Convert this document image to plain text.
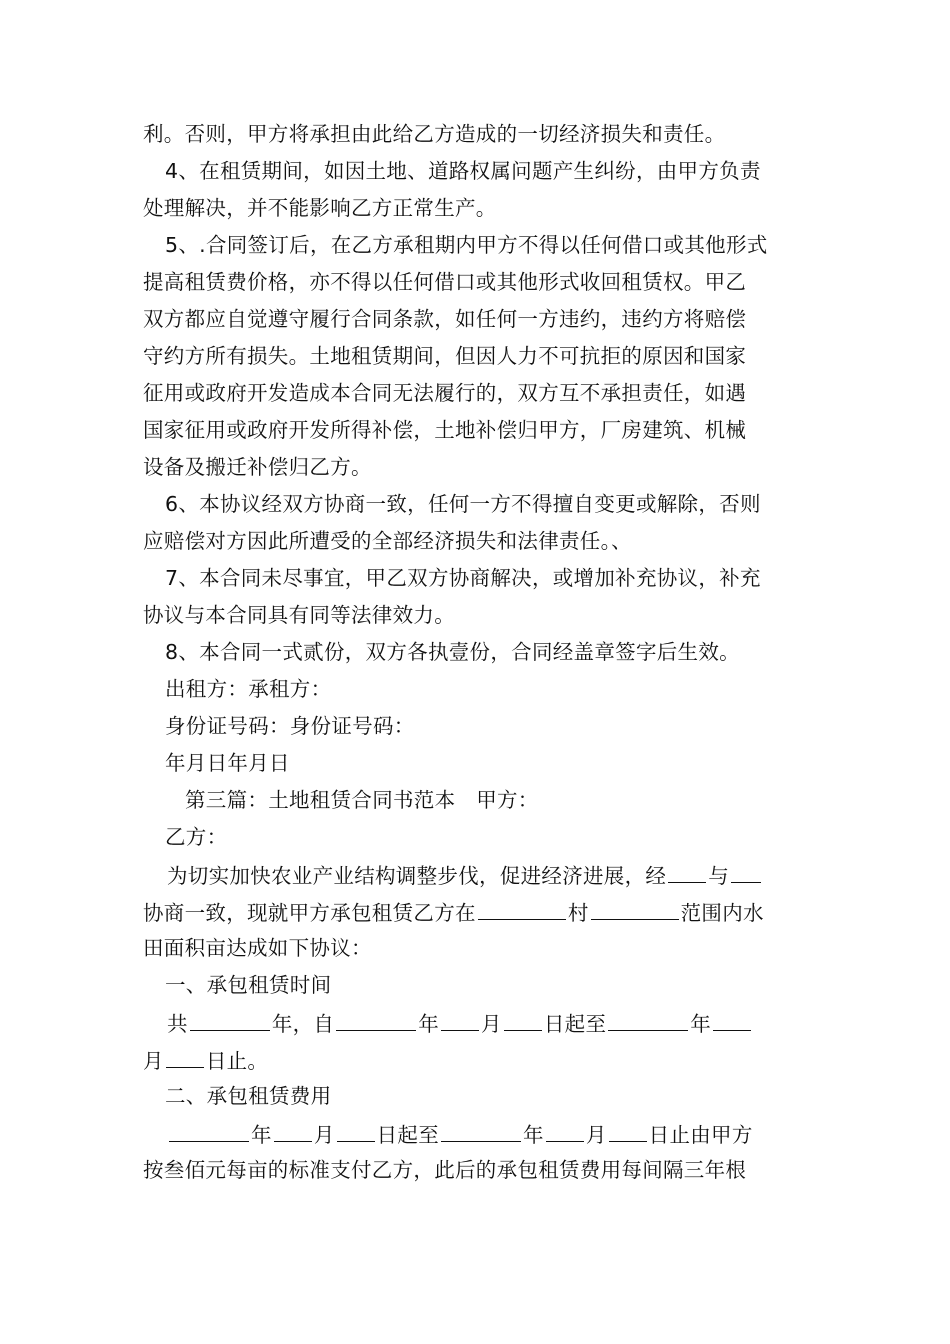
利。否则，甲方将承担由此给乙方造成的一切经济损失和责任。
4、在租赁期间，如因土地、道路权属问题产生纠纷，由甲方负责
处理解决，并不能影响乙方正常生产。
5、.合同签订后，在乙方承租期内甲方不得以任何借口或其他形式
提高租赁费价格，亦不得以任何借口或其他形式收回租赁权。甲乙
双方都应自觉遵守履行合同条款，如任何一方违约，违约方将赔偿
守约方所有损失。土地租赁期间，但因人力不可抗拒的原因和国家
征用或政府开发造成本合同无法履行的，双方互不承担责任，如遇
国家征用或政府开发所得补偿，土地补偿归甲方，厂房建筑、机械
设备及搬迁补偿归乙方。
6、本协议经双方协商一致，任何一方不得擅自变更或解除，否则
应赔偿对方因此所遭受的全部经济损失和法律责任。、
7、本合同未尽事宜，甲乙双方协商解决，或增加补充协议，补充
协议与本合同具有同等法律效力。
8、本合同一式贰份，双方各执壹份，合同经盖章签字后生效。
出租方：承租方：
身份证号码：身份证号码：
年月日年月日
第三篇：土地租赁合同书范本　甲方：
乙方：
为切实加快农业产业结构调整步伐，促进经济进展，经 与
协商一致，现就甲方承包租赁乙方在	村	范围内水
田面积亩达成如下协议：
一、承包租赁时间
共	年，自	年 月 日起至	年
月 日止。
二、承包租赁费用
年 月 日起至	年 月 日止由甲方
按叁佰元每亩的标准支付乙方，此后的承包租赁费用每间隔三年根
